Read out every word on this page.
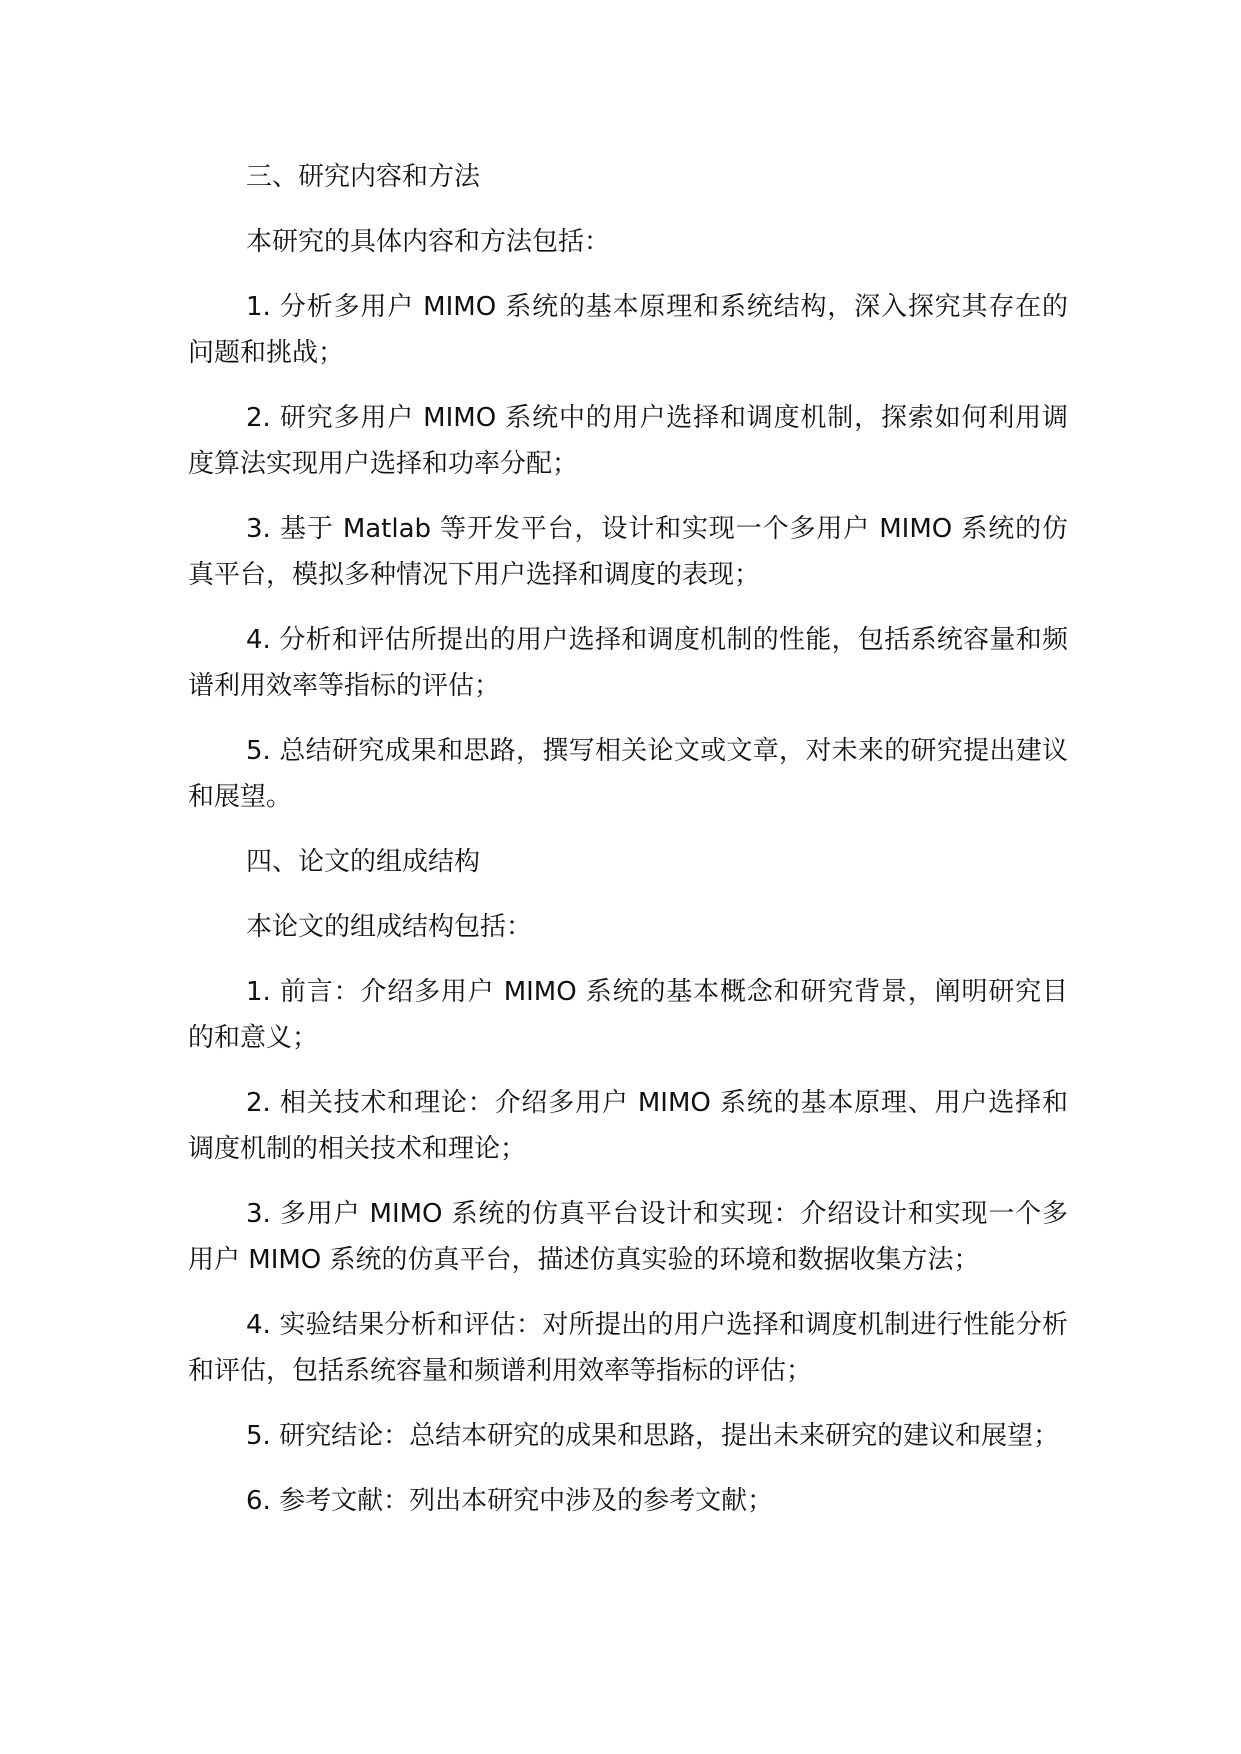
三、研究内容和方法

本研究的具体内容和方法包括：

1. 分析多用户 MIMO 系统的基本原理和系统结构，深入探究其存在的问题和挑战；

2. 研究多用户 MIMO 系统中的用户选择和调度机制，探索如何利用调度算法实现用户选择和功率分配；

3. 基于 Matlab 等开发平台，设计和实现一个多用户 MIMO 系统的仿真平台，模拟多种情况下用户选择和调度的表现；

4. 分析和评估所提出的用户选择和调度机制的性能，包括系统容量和频谱利用效率等指标的评估；

5. 总结研究成果和思路，撰写相关论文或文章，对未来的研究提出建议和展望。

四、论文的组成结构

本论文的组成结构包括：

1. 前言：介绍多用户 MIMO 系统的基本概念和研究背景，阐明研究目的和意义；

2. 相关技术和理论：介绍多用户 MIMO 系统的基本原理、用户选择和调度机制的相关技术和理论；

3. 多用户 MIMO 系统的仿真平台设计和实现：介绍设计和实现一个多用户 MIMO 系统的仿真平台，描述仿真实验的环境和数据收集方法；

4. 实验结果分析和评估：对所提出的用户选择和调度机制进行性能分析和评估，包括系统容量和频谱利用效率等指标的评估；

5. 研究结论：总结本研究的成果和思路，提出未来研究的建议和展望；

6. 参考文献：列出本研究中涉及的参考文献；
